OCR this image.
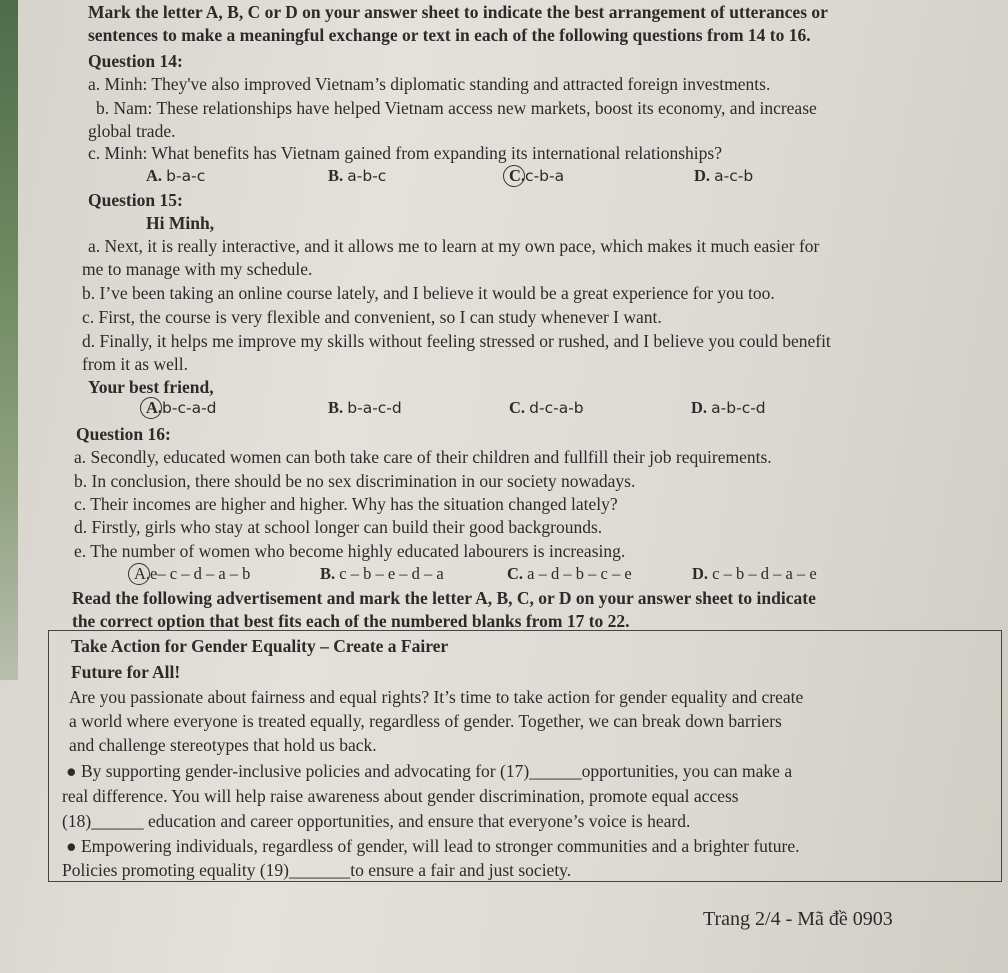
Mark the letter A, B, C or D on your answer sheet to indicate the best arrangement of utterances or
sentences to make a meaningful exchange or text in each of the following questions from 14 to 16.
Question 14:
a. Minh: They've also improved Vietnam’s diplomatic standing and attracted foreign investments.
b. Nam: These relationships have helped Vietnam access new markets, boost its economy, and increase
global trade.
c. Minh: What benefits has Vietnam gained from expanding its international relationships?
A. b-a-c	B. a-b-c	C.c-b-a	D. a-c-b
Question 15:
Hi Minh,
a. Next, it is really interactive, and it allows me to learn at my own pace, which makes it much easier for
me to manage with my schedule.
b. I’ve been taking an online course lately, and I believe it would be a great experience for you too.
c. First, the course is very flexible and convenient, so I can study whenever I want.
d. Finally, it helps me improve my skills without feeling stressed or rushed, and I believe you could benefit
from it as well.
Your best friend,
A.b-c-a-d	B. b-a-c-d	C. d-c-a-b	D. a-b-c-d
Question 16:
a. Secondly, educated women can both take care of their children and fullfill their job requirements.
b. In conclusion, there should be no sex discrimination in our society nowadays.
c. Their incomes are higher and higher. Why has the situation changed lately?
d. Firstly, girls who stay at school longer can build their good backgrounds.
e. The number of women who become highly educated labourers is increasing.
A.e– c – d – a – b	B. c – b – e – d – a	C. a – d – b – c – e	D. c – b – d – a – e
Read the following advertisement and mark the letter A, B, C, or D on your answer sheet to indicate
the correct option that best fits each of the numbered blanks from 17 to 22.
Take Action for Gender Equality – Create a Fairer
Future for All!
Are you passionate about fairness and equal rights? It’s time to take action for gender equality and create
a world where everyone is treated equally, regardless of gender. Together, we can break down barriers
and challenge stereotypes that hold us back.
● By supporting gender-inclusive policies and advocating for (17)______opportunities, you can make a
real difference. You will help raise awareness about gender discrimination, promote equal access
(18)______ education and career opportunities, and ensure that everyone’s voice is heard.
● Empowering individuals, regardless of gender, will lead to stronger communities and a brighter future.
Policies promoting equality (19)_______to ensure a fair and just society.
Trang 2/4 - Mã đề 0903
